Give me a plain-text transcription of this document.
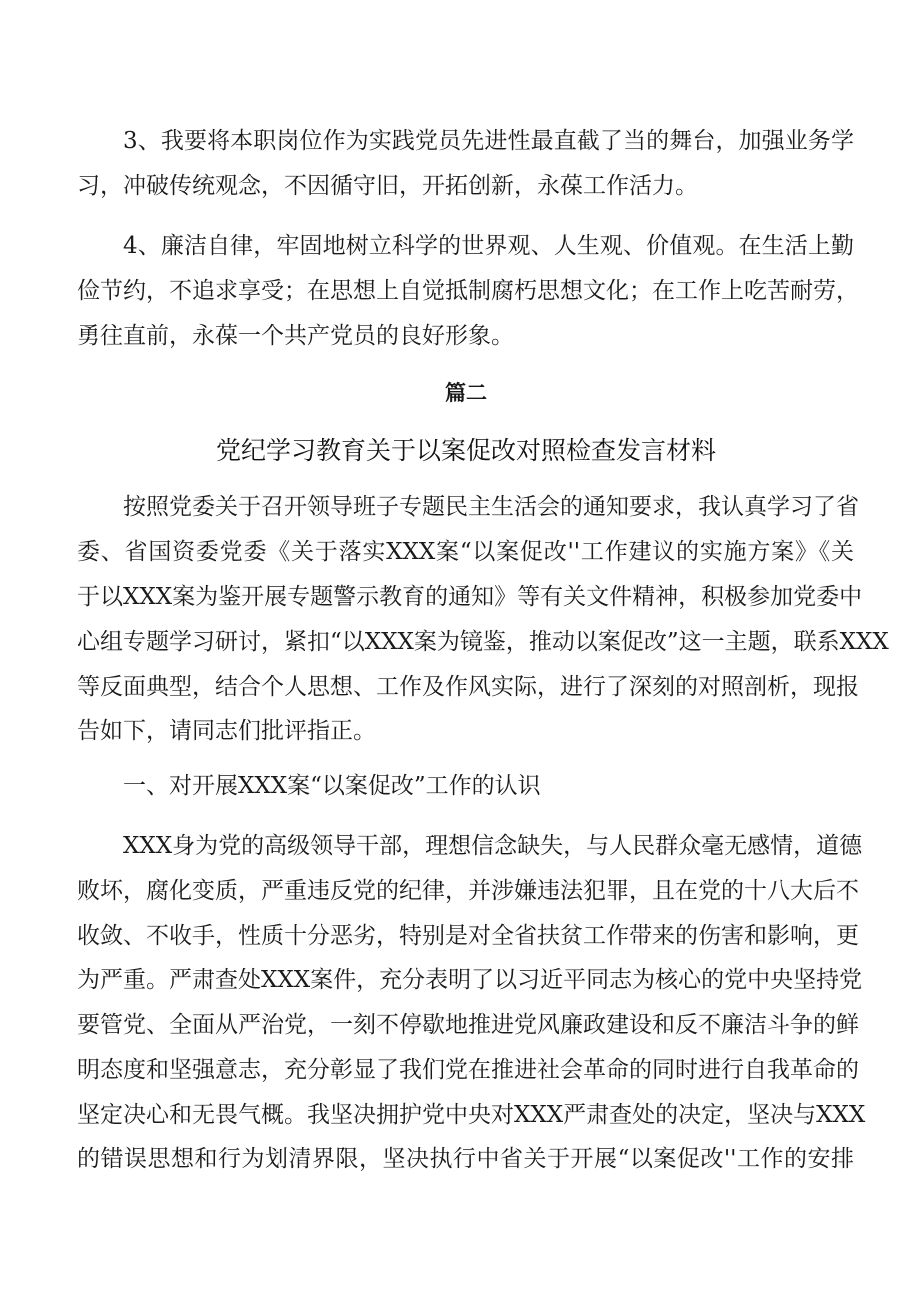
3、我要将本职岗位作为实践党员先进性最直截了当的舞台，加强业务学
习，冲破传统观念，不因循守旧，开拓创新，永葆工作活力。
4、廉洁自律，牢固地树立科学的世界观、人生观、价值观。在生活上勤
俭节约，不追求享受；在思想上自觉抵制腐朽思想文化；在工作上吃苦耐劳，
勇往直前，永葆一个共产党员的良好形象。
篇二
党纪学习教育关于以案促改对照检查发言材料
按照党委关于召开领导班子专题民主生活会的通知要求，我认真学习了省
委、省国资委党委《关于落实XXX案“以案促改''工作建议的实施方案》《关
于以XXX案为鉴开展专题警示教育的通知》等有关文件精神，积极参加党委中
心组专题学习研讨，紧扣“以XXX案为镜鉴，推动以案促改”这一主题，联系XXX
等反面典型，结合个人思想、工作及作风实际，进行了深刻的对照剖析，现报
告如下，请同志们批评指正。
一、对开展XXX案“以案促改”工作的认识
XXX身为党的高级领导干部，理想信念缺失，与人民群众毫无感情，道德
败坏，腐化变质，严重违反党的纪律，并涉嫌违法犯罪，且在党的十八大后不
收敛、不收手，性质十分恶劣，特别是对全省扶贫工作带来的伤害和影响，更
为严重。严肃查处XXX案件，充分表明了以习近平同志为核心的党中央坚持党
要管党、全面从严治党，一刻不停歇地推进党风廉政建设和反不廉洁斗争的鲜
明态度和坚强意志，充分彰显了我们党在推进社会革命的同时进行自我革命的
坚定决心和无畏气概。我坚决拥护党中央对XXX严肃查处的决定，坚决与XXX
的错误思想和行为划清界限，坚决执行中省关于开展“以案促改''工作的安排
